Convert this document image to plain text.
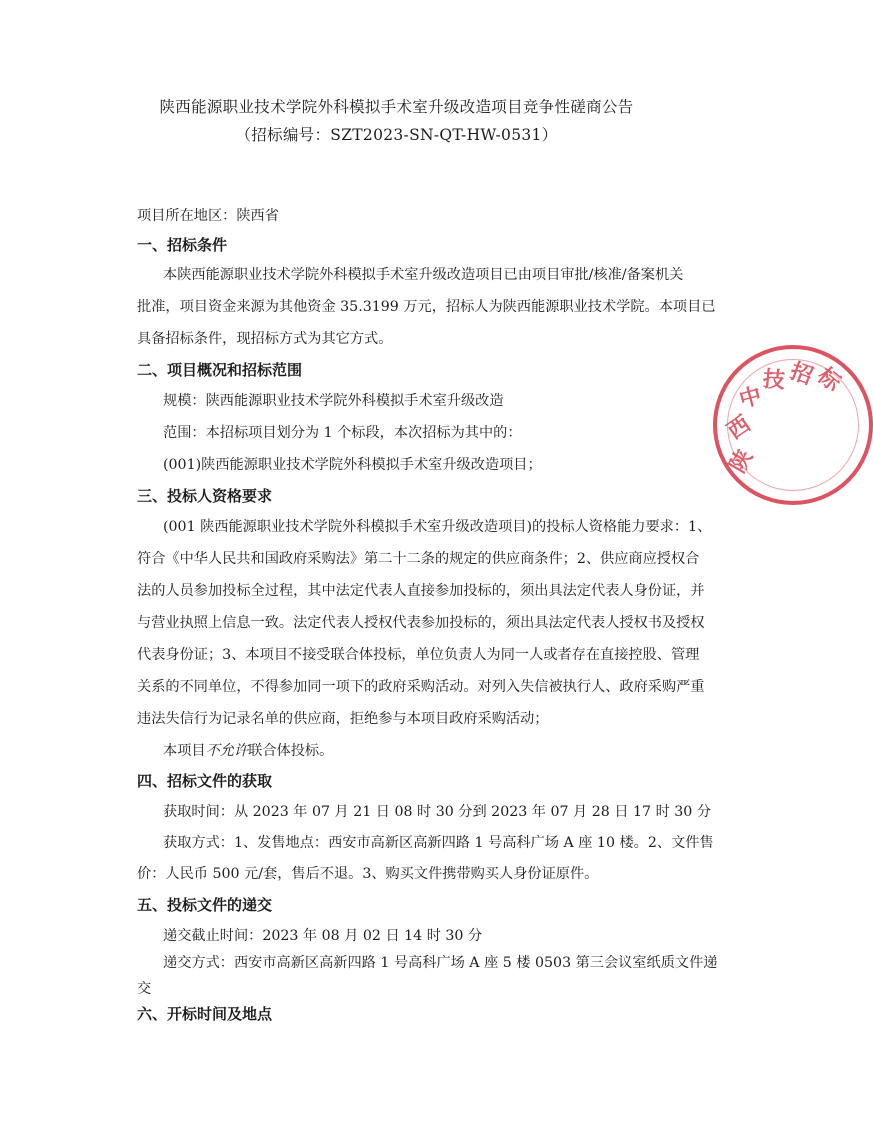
陕西能源职业技术学院外科模拟手术室升级改造项目竞争性磋商公告
（招标编号：SZT2023-SN-QT-HW-0531）
项目所在地区：陕西省
一、招标条件
本陕西能源职业技术学院外科模拟手术室升级改造项目已由项目审批/核准/备案机关
批准，项目资金来源为其他资金 35.3199 万元，招标人为陕西能源职业技术学院。本项目已
具备招标条件，现招标方式为其它方式。
二、项目概况和招标范围
规模：陕西能源职业技术学院外科模拟手术室升级改造
范围：本招标项目划分为 1 个标段，本次招标为其中的：
(001)陕西能源职业技术学院外科模拟手术室升级改造项目；
三、投标人资格要求
(001 陕西能源职业技术学院外科模拟手术室升级改造项目)的投标人资格能力要求：1、
符合《中华人民共和国政府采购法》第二十二条的规定的供应商条件；2、供应商应授权合
法的人员参加投标全过程，其中法定代表人直接参加投标的，须出具法定代表人身份证，并
与营业执照上信息一致。法定代表人授权代表参加投标的，须出具法定代表人授权书及授权
代表身份证；3、本项目不接受联合体投标，单位负责人为同一人或者存在直接控股、管理
关系的不同单位，不得参加同一项下的政府采购活动。对列入失信被执行人、政府采购严重
违法失信行为记录名单的供应商，拒绝参与本项目政府采购活动；
本项目不允许联合体投标。
四、招标文件的获取
获取时间：从 2023 年 07 月 21 日 08 时 30 分到 2023 年 07 月 28 日 17 时 30 分
获取方式：1、发售地点：西安市高新区高新四路 1 号高科广场 A 座 10 楼。2、文件售
价：人民币 500 元/套，售后不退。3、购买文件携带购买人身份证原件。
五、投标文件的递交
递交截止时间：2023 年 08 月 02 日 14 时 30 分
递交方式：西安市高新区高新四路 1 号高科广场 A 座 5 楼 0503 第三会议室纸质文件递
交
六、开标时间及地点
陕
西
中
技 招
标
